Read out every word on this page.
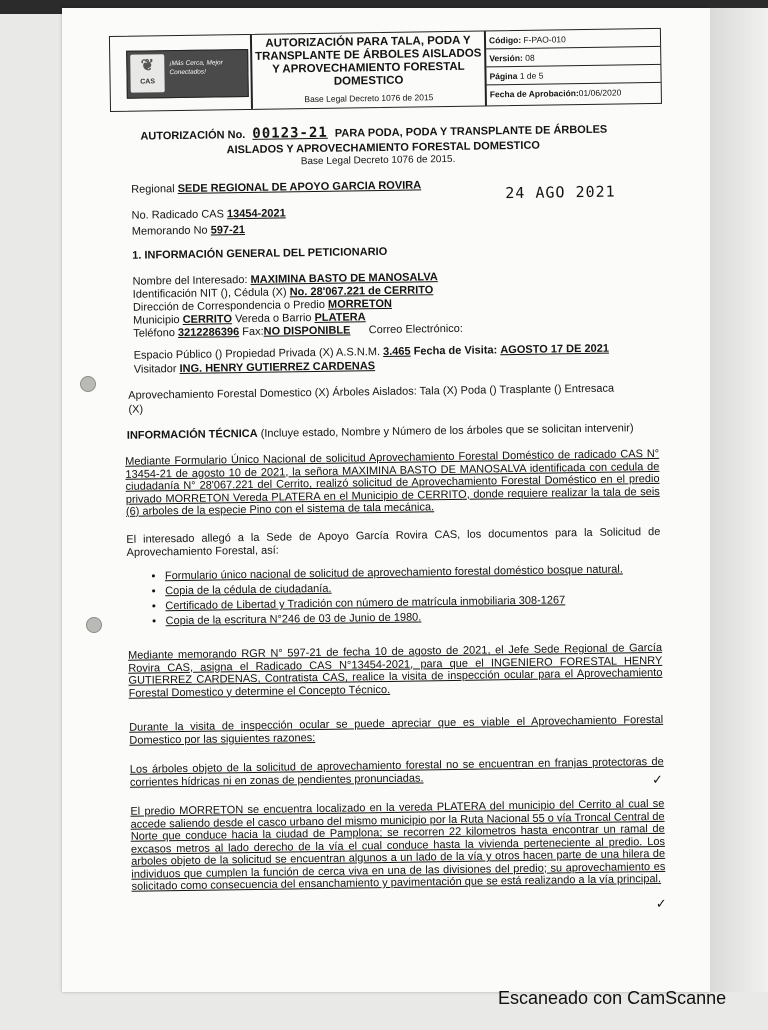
❦
CAS
¡Más Cerca, Mejor Conectados!
AUTORIZACIÓN PARA TALA, PODA Y TRANSPLANTE DE ÁRBOLES AISLADOS Y APROVECHAMIENTO FORESTAL DOMESTICO
Base Legal Decreto 1076 de 2015
Código: F-PAO-010
Versión: 08
Página 1 de 5
Fecha de Aprobación:01/06/2020
AUTORIZACIÓN No. 00123-21 PARA PODA, PODA Y TRANSPLANTE DE ÁRBOLES
AISLADOS Y APROVECHAMIENTO FORESTAL DOMESTICO
Base Legal Decreto 1076 de 2015.
Regional SEDE REGIONAL DE APOYO GARCIA ROVIRA	24 AGO 2021
No. Radicado CAS 13454-2021
Memorando No 597-21
1. INFORMACIÓN GENERAL DEL PETICIONARIO
Nombre del Interesado: MAXIMINA BASTO DE MANOSALVA
Identificación NIT (), Cédula (X) No. 28'067.221 de CERRITO
Dirección de Correspondencia o Predio MORRETON
Municipio CERRITO Vereda o Barrio PLATERA
Teléfono 3212286396 Fax:NO DISPONIBLE Correo Electrónico:
Espacio Público () Propiedad Privada (X) A.S.N.M. 3.465 Fecha de Visita: AGOSTO 17 DE 2021
Visitador ING. HENRY GUTIERREZ CARDENAS
Aprovechamiento Forestal Domestico (X) Árboles Aislados: Tala (X) Poda () Trasplante () Entresaca
(X)
INFORMACIÓN TÉCNICA (Incluye estado, Nombre y Número de los árboles que se solicitan intervenir)
Mediante Formulario Único Nacional de solicitud Aprovechamiento Forestal Doméstico de radicado CAS N° 13454-21 de agosto 10 de 2021, la señora MAXIMINA BASTO DE MANOSALVA identificada con cedula de ciudadanía N° 28'067.221 del Cerrito, realizó solicitud de Aprovechamiento Forestal Doméstico en el predio privado MORRETON Vereda PLATERA en el Municipio de CERRITO, donde requiere realizar la tala de seis (6) arboles de la especie Pino con el sistema de tala mecánica.
El interesado allegó a la Sede de Apoyo García Rovira CAS, los documentos para la Solicitud de Aprovechamiento Forestal, así:
• Formulario único nacional de solicitud de aprovechamiento forestal doméstico bosque natural.
• Copia de la cédula de ciudadanía.
• Certificado de Libertad y Tradición con número de matrícula inmobiliaria 308-1267
• Copia de la escritura N°246 de 03 de Junio de 1980.
Mediante memorando RGR N° 597-21 de fecha 10 de agosto de 2021, el Jefe Sede Regional de García Rovira CAS, asigna el Radicado CAS N°13454-2021, para que el INGENIERO FORESTAL HENRY GUTIERREZ CARDENAS, Contratista CAS, realice la visita de inspección ocular para el Aprovechamiento Forestal Domestico y determine el Concepto Técnico.
Durante la visita de inspección ocular se puede apreciar que es viable el Aprovechamiento Forestal Domestico por las siguientes razones:
Los árboles objeto de la solicitud de aprovechamiento forestal no se encuentran en franjas protectoras de corrientes hídricas ni en zonas de pendientes pronunciadas.
El predio MORRETON se encuentra localizado en la vereda PLATERA del municipio del Cerrito al cual se accede saliendo desde el casco urbano del mismo municipio por la Ruta Nacional 55 o vía Troncal Central de Norte que conduce hacia la ciudad de Pamplona; se recorren 22 kilometros hasta encontrar un ramal de excasos metros al lado derecho de la vía el cual conduce hasta la vivienda perteneciente al predio. Los arboles objeto de la solicitud se encuentran algunos a un lado de la vía y otros hacen parte de una hilera de individuos que cumplen la función de cerca viva en una de las divisiones del predio; su aprovechamiento es solicitado como consecuencia del ensanchamiento y pavimentación que se está realizando a la vía principal.
✓
✓
Escaneado con CamScanne
